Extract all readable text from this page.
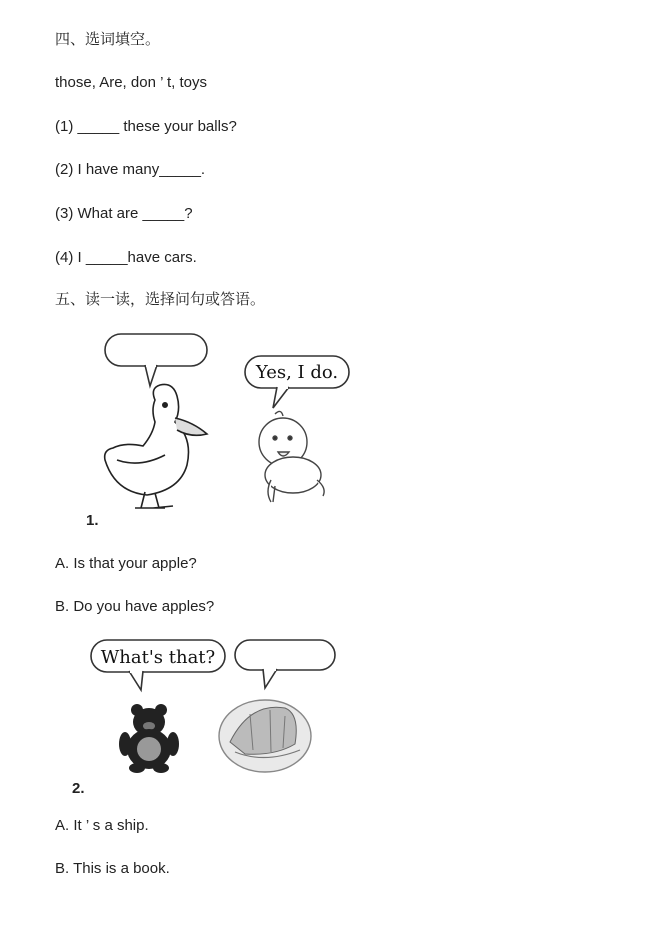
四、选词填空。
those, Are, don ’ t, toys
(1) _____ these your balls?
(2) I have many_____.
(3) What are _____?
(4) I _____have cars.
五、读一读，选择问句或答语。
Yes, I do.
1.
A. Is that your apple?
B. Do you have apples?
What's that?
2.
A. It ’ s a ship.
B. This is a book.
